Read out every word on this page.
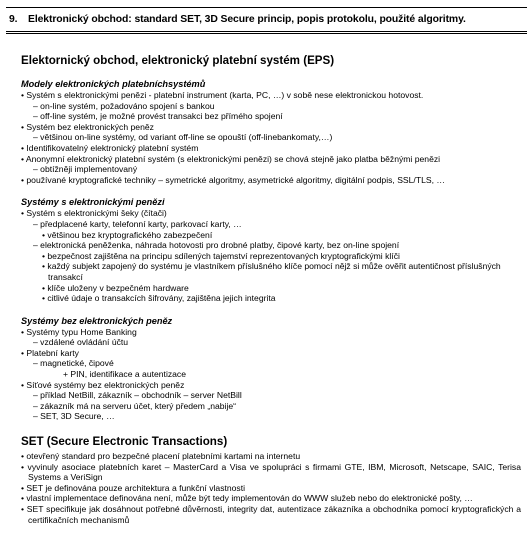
9. Elektronický obchod: standard SET, 3D Secure princip, popis protokolu, použité algoritmy.

Elektornický obchod, elektronický platební systém (EPS)

Modely elektronických platebníchsystémů

• Systém s elektronickými penězi - platební instrument (karta, PC, …) v sobě nese elektronickou hotovost.

– on-line systém, požadováno spojení s bankou

– off-line systém, je možné provést transakci bez přímého spojení

• Systém bez elektronických peněz

– většinou on-line systémy, od variant off-line se opouští (off-linebankomaty,…)

• Identifikovatelný elektronický platební systém

• Anonymní elektronický platební systém (s elektronickými penězi) se chová stejně jako platba běžnými penězi

– obtížněji implementovaný

• používané kryptografické techniky – symetrické algoritmy, asymetrické algoritmy, digitální podpis, SSL/TLS, …

Systémy s elektronickými penězi

• Systém s elektronickými šeky (čítači)

– předplacené karty, telefonní karty, parkovací karty, …

• většinou bez kryptografického zabezpečení

– elektronická peněženka, náhrada hotovosti pro drobné platby, čipové karty, bez on-line spojení

• bezpečnost zajištěna na principu sdílených tajemství reprezentovaných kryptografickými klíči

• každý subjekt zapojený do systému je vlastníkem příslušného klíče pomocí nějž si může ověřit autentičnost příslušných transakcí

• klíče uloženy v bezpečném hardware

• citlivé údaje o transakcích šifrovány, zajištěna jejich integrita

Systémy bez elektronických peněz

• Systémy typu Home Banking

– vzdálené ovládání účtu

• Platební karty

– magnetické, čipové

+ PIN, identifikace a autentizace

• Síťové systémy bez elektronických peněz

– příklad NetBill, zákazník – obchodník – server NetBill

– zákazník má na serveru účet, který předem „nabije“

– SET, 3D Secure, …

SET (Secure Electronic Transactions)

• otevřený standard pro bezpečné placení platebními kartami na internetu

• vyvinuly asociace platebních karet – MasterCard a Visa ve spolupráci s firmami GTE, IBM, Microsoft, Netscape, SAIC, Terisa Systems a VeriSign

• SET je definována pouze architektura a funkční vlastnosti

• vlastní implementace definována není, může být tedy implementován do WWW služeb nebo do elektronické pošty, …

• SET specifikuje jak dosáhnout potřebné důvěrnosti, integrity dat, autentizace zákazníka a obchodníka pomocí kryptografických a certifikačních mechanismů
